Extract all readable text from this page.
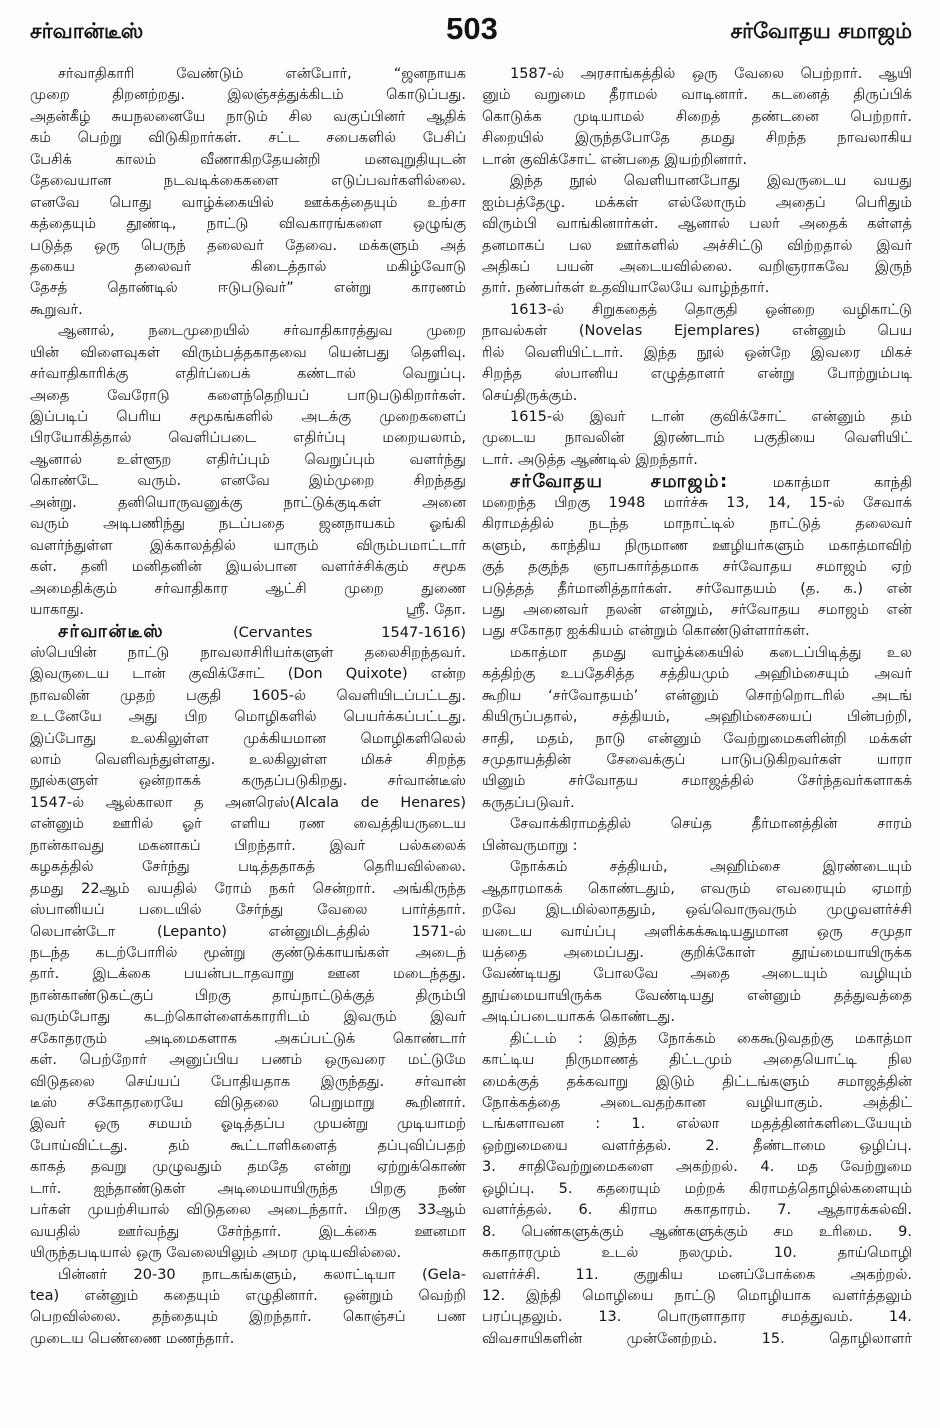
சர்வான்டீஸ்	503	சர்வோதய சமாஜம்
சர்வாதிகாரி வேண்டும் என்போர், “ஜனநாயக
முறை திறனற்றது. இலஞ்சத்துக்கிடம் கொடுப்பது.
அதன்கீழ் சுயநலனையே நாடும் சில வகுப்பினர் ஆதிக்
கம் பெற்று விடுகிறார்கள். சட்ட சபைகளில் பேசிப்
பேசிக் காலம் வீணாகிறதேயன்றி மனவுறுதியுடன்
தேவையான நடவடிக்கைகளை எடுப்பவர்களில்லை.
எனவே பொது வாழ்க்கையில் ஊக்கத்தையும் உற்சா
கத்தையும் தூண்டி, நாட்டு விவகாரங்களை ஒழுங்கு
படுத்த ஒரு பெருந் தலைவர் தேவை. மக்களும் அத்
தகைய தலைவர் கிடைத்தால் மகிழ்வோடு
தேசத் தொண்டில் ஈடுபடுவர்” என்று காரணம்
கூறுவர்.
ஆனால், நடைமுறையில் சர்வாதிகாரத்துவ முறை
யின் விளைவுகள் விரும்பத்தகாதவை யென்பது தெளிவு.
சர்வாதிகாரிக்கு எதிர்ப்பைக் கண்டால் வெறுப்பு.
அதை வேரோடு களைந்தெறியப் பாடுபடுகிறார்கள்.
இப்படிப் பெரிய சமூகங்களில் அடக்கு முறைகளைப்
பிரயோகித்தால் வெளிப்படை எதிர்ப்பு மறையலாம்,
ஆனால் உள்ளூற எதிர்ப்பும் வெறுப்பும் வளர்ந்து
கொண்டே வரும். எனவே இம்முறை சிறந்தது
அன்று. தனியொருவனுக்கு நாட்டுக்குடிகள் அனை
வரும் அடிபணிந்து நடப்பதை ஜனநாயகம் ஓங்கி
வளர்ந்துள்ள இக்காலத்தில் யாரும் விரும்பமாட்டார்
கள். தனி மனிதனின் இயல்பான வளர்ச்சிக்கும் சமூக
அமைதிக்கும் சர்வாதிகார ஆட்சி முறை துணை
ஸ்ரீ. தோ.
யாகாது.
சர்வான்டீஸ்	(Cervantes 1547-1616)
ஸ்பெயின் நாட்டு நாவலாசிரியர்களுள் தலைசிறந்தவர்.
இவருடைய டான் குவிக்சோட் (Don Quixote) என்ற
நாவலின் முதற் பகுதி 1605-ல் வெளியிடப்பட்டது.
உடனேயே அது பிற மொழிகளில் பெயர்க்கப்பட்டது.
இப்போது உலகிலுள்ள முக்கியமான மொழிகளிலெல்
லாம் வெளிவந்துள்ளது. உலகிலுள்ள மிகச் சிறந்த
நூல்களுள் ஒன்றாகக் கருதப்படுகிறது. சர்வான்டீஸ்
1547-ல் ஆல்காலா த அனரெஸ்(Alcala de Henares)
என்னும் ஊரில் ஓர் எளிய ரண வைத்தியருடைய
நான்காவது மகனாகப் பிறந்தார். இவர் பல்கலைக்
கழகத்தில் சேர்ந்து படித்ததாகத் தெரியவில்லை.
தமது 22ஆம் வயதில் ரோம் நகர் சென்றார். அங்கிருந்த
ஸ்பானியப் படையில் சேர்ந்து வேலை பார்த்தார்.
லெபான்டோ (Lepanto) என்னுமிடத்தில் 1571-ல்
நடந்த கடற்போரில் மூன்று குண்டுக்காயங்கள் அடைந்
தார். இடக்கை பயன்படாதவாறு ஊன மடைந்தது.
நான்காண்டுகட்குப் பிறகு தாய்நாட்டுக்குத் திரும்பி
வரும்போது கடற்கொள்ளைக்காரரிடம் இவரும் இவர்
சகோதரரும் அடிமைகளாக அகப்பட்டுக் கொண்டார்
கள். பெற்றோர் அனுப்பிய பணம் ஒருவரை மட்டுமே
விடுதலை செய்யப் போதியதாக இருந்தது. சர்வான்
டீஸ் சகோதரரையே விடுதலை பெறுமாறு கூறினார்.
இவர் ஒரு சமயம் ஓடித்தப்ப முயன்று முடியாமற்
போய்விட்டது. தம் கூட்டாளிகளைத் தப்புவிப்பதற்
காகத் தவறு முழுவதும் தமதே என்று ஏற்றுக்கொண்
டார். ஐந்தாண்டுகள் அடிமையாயிருந்த பிறகு நண்
பர்கள் முயற்சியால் விடுதலை அடைந்தார். பிறகு 33ஆம்
வயதில் ஊர்வந்து சேர்ந்தார். இடக்கை ஊனமா
யிருந்தபடியால் ஒரு வேலையிலும் அமர முடியவில்லை.
பின்னர் 20-30 நாடகங்களும், கலாட்டியா (Gela-
tea) என்னும் கதையும் எழுதினார். ஒன்றும் வெற்றி
பெறவில்லை. தந்தையும் இறந்தார். கொஞ்சப் பண
முடைய பெண்ணை மணந்தார்.
1587-ல் அரசாங்கத்தில் ஒரு வேலை பெற்றார். ஆயி
னும் வறுமை தீராமல் வாடினார். கடனைத் திருப்பிக்
கொடுக்க முடியாமல் சிறைத் தண்டனை பெற்றார்.
சிறையில் இருந்தபோதே தமது சிறந்த நாவலாகிய
டான் குவிக்சோட் என்பதை இயற்றினார்.
இந்த நூல் வெளியானபோது இவருடைய வயது
ஐம்பத்தேழு. மக்கள் எல்லோரும் அதைப் பெரிதும்
விரும்பி வாங்கினார்கள். ஆனால் பலர் அதைக் கள்ளத்
தனமாகப் பல ஊர்களில் அச்சிட்டு விற்றதால் இவர்
அதிகப் பயன் அடையவில்லை. வறிஞராகவே இருந்
தார். நண்பர்கள் உதவியாலேயே வாழ்ந்தார்.
1613-ல் சிறுகதைத் தொகுதி ஒன்றை வழிகாட்டு
நாவல்கள் (Novelas Ejemplares) என்னும் பெய
ரில் வெளியிட்டார். இந்த நூல் ஒன்றே இவரை மிகச்
சிறந்த ஸ்பானிய எழுத்தாளர் என்று போற்றும்படி
செய்திருக்கும்.
1615-ல் இவர் டான் குவிக்சோட் என்னும் தம்
முடைய நாவலின் இரண்டாம் பகுதியை வெளியிட்
டார். அடுத்த ஆண்டில் இறந்தார்.
சர்வோதய சமாஜம்:	மகாத்மா காந்தி
மறைந்த பிறகு 1948 மார்ச்சு 13, 14, 15-ல் சேவாக்
கிராமத்தில் நடந்த மாநாட்டில் நாட்டுத் தலைவர்
களும், காந்திய நிருமாண ஊழியர்களும் மகாத்மாவிற்
குத் தகுந்த ஞாபகார்த்தமாக சர்வோதய சமாஜம் ஏற்
படுத்தத் தீர்மானித்தார்கள். சர்வோதயம் (த. க.) என்
பது அனைவர் நலன் என்றும், சர்வோதய சமாஜம் என்
பது சகோதர ஐக்கியம் என்றும் கொண்டுள்ளார்கள்.
மகாத்மா தமது வாழ்க்கையில் கடைப்பிடித்து உல
கத்திற்கு உபதேசித்த சத்தியமும் அஹிம்சையும் அவர்
கூறிய ‘சர்வோதயம்’ என்னும் சொற்றொடரில் அடங்
கியிருப்பதால், சத்தியம், அஹிம்சையைப் பின்பற்றி,
சாதி, மதம், நாடு என்னும் வேற்றுமைகளின்றி மக்கள்
சமுதாயத்தின் சேவைக்குப் பாடுபடுகிறவர்கள் யாரா
யினும் சர்வோதய சமாஜத்தில் சேர்ந்தவர்களாகக்
கருதப்படுவர்.
சேவாக்கிராமத்தில் செய்த தீர்மானத்தின் சாரம்
பின்வருமாறு :
நோக்கம் சத்தியம், அஹிம்சை இரண்டையும்
ஆதாரமாகக் கொண்டதும், எவரும் எவரையும் ஏமாற்
றவே இடமில்லாததும், ஒவ்வொருவரும் முழுவளர்ச்சி
யடைய வாய்ப்பு அளிக்கக்கூடியதுமான ஒரு சமுதா
யத்தை அமைப்பது. குறிக்கோள் தூய்மையாயிருக்க
வேண்டியது போலவே அதை அடையும் வழியும்
தூய்மையாயிருக்க வேண்டியது என்னும் தத்துவத்தை
அடிப்படையாகக் கொண்டது.
திட்டம் : இந்த நோக்கம் கைகூடுவதற்கு மகாத்மா
காட்டிய நிருமாணத் திட்டமும் அதையொட்டி நில
மைக்குத் தக்கவாறு இடும் திட்டங்களும் சமாஜத்தின்
நோக்கத்தை அடைவதற்கான வழியாகும். அத்திட்
டங்களாவன : 1. எல்லா மதத்தினர்களிடையேயும்
ஒற்றுமையை வளர்த்தல். 2. தீண்டாமை ஒழிப்பு.
3. சாதிவேற்றுமைகளை அகற்றல். 4. மத வேற்றுமை
ஒழிப்பு. 5. கதரையும் மற்றக் கிராமத்தொழில்களையும்
வளர்த்தல். 6. கிராம சுகாதாரம். 7. ஆதாரக்கல்வி.
8. பெண்களுக்கும் ஆண்களுக்கும் சம உரிமை. 9.
சுகாதாரமும் உடல் நலமும். 10. தாய்மொழி
வளர்ச்சி. 11. குறுகிய மனப்போக்கை அகற்றல்.
12. இந்தி மொழியை நாட்டு மொழியாக வளர்த்தலும்
பரப்புதலும். 13. பொருளாதார சமத்துவம். 14.
விவசாயிகளின் முன்னேற்றம். 15. தொழிலாளர்
